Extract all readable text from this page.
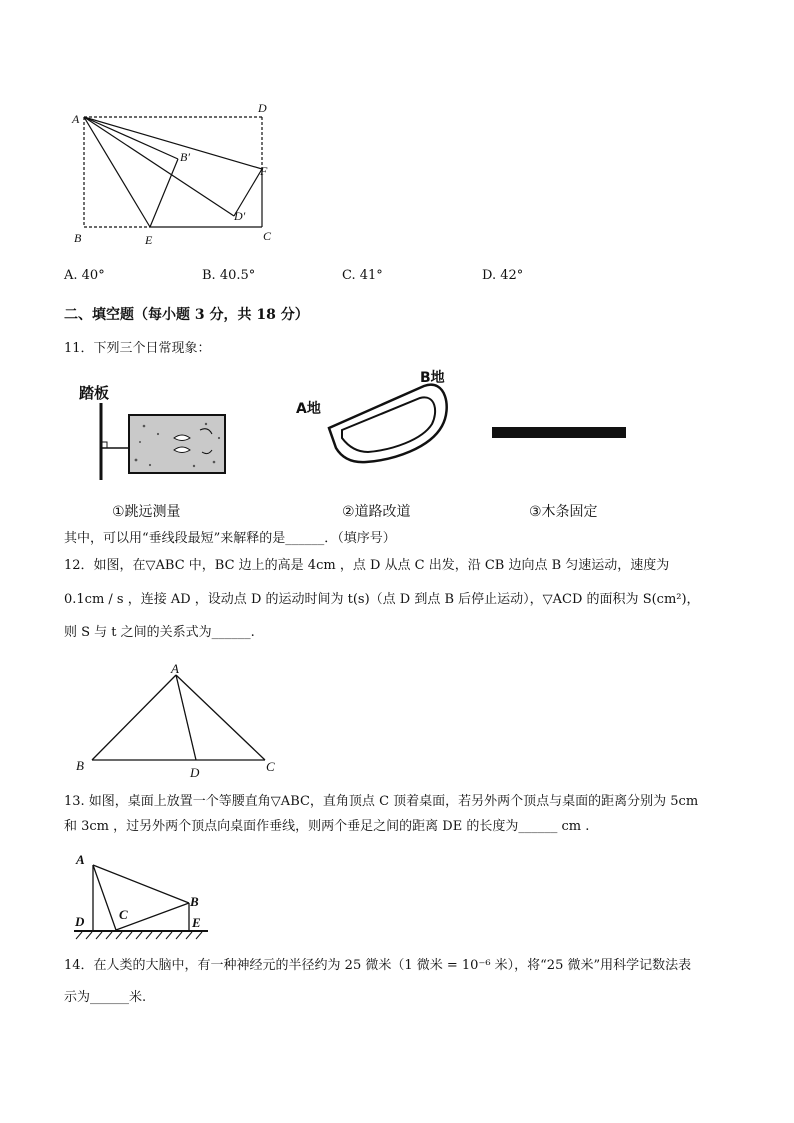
A
D
B′
F
D′
B	E	C
A. 40°	B. 40.5°	C. 41°	D. 42°
二、填空题（每小题 3 分，共 18 分）
11．下列三个日常现象：
踏板
①跳远测量
A地
B地
②道路改道	③木条固定
其中，可以用“垂线段最短”来解释的是______．（填序号）
12．如图，在▽ABC 中，BC 边上的高是 4cm ，点 D 从点 C 出发，沿 CB 边向点 B 匀速运动，速度为
0.1cm / s ，连接 AD ，设动点 D 的运动时间为 t(s)（点 D 到点 B 后停止运动），▽ACD 的面积为 S(cm²)，
则 S 与 t 之间的关系式为______.
A
B	D	C
13. 如图，桌面上放置一个等腰直角▽ABC，直角顶点 C 顶着桌面，若另外两个顶点与桌面的距离分别为 5cm
和 3cm ，过另外两个顶点向桌面作垂线，则两个垂足之间的距离 DE 的长度为______ cm .
A
D	C
B
E
14．在人类的大脑中，有一种神经元的半径约为 25 微米（1 微米 = 10⁻⁶ 米），将“25 微米”用科学记数法表
示为______米.
